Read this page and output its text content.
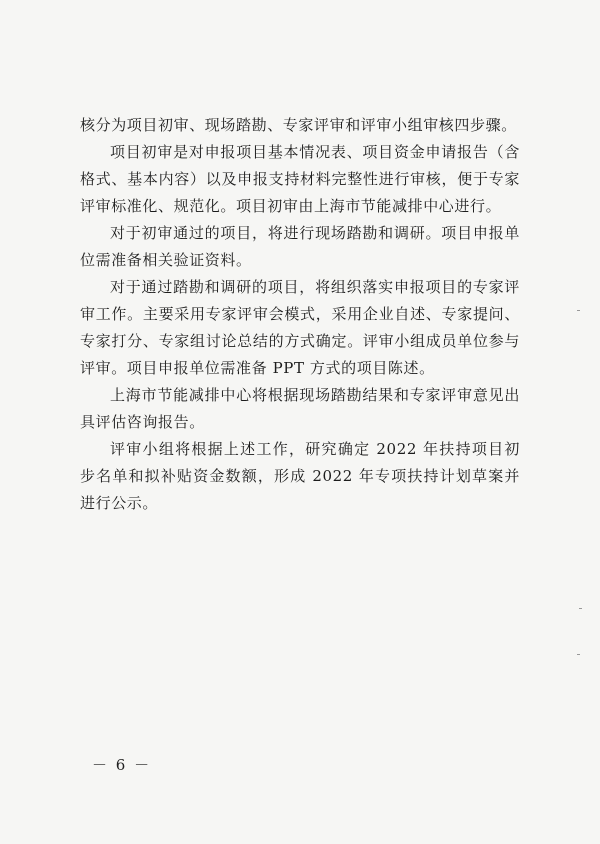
核分为项目初审、现场踏勘、专家评审和评审小组审核四步骤。

项目初审是对申报项目基本情况表、项目资金申请报告（含格式、基本内容）以及申报支持材料完整性进行审核，便于专家评审标准化、规范化。项目初审由上海市节能减排中心进行。

对于初审通过的项目，将进行现场踏勘和调研。项目申报单位需准备相关验证资料。

对于通过踏勘和调研的项目，将组织落实申报项目的专家评审工作。主要采用专家评审会模式，采用企业自述、专家提问、专家打分、专家组讨论总结的方式确定。评审小组成员单位参与评审。项目申报单位需准备 PPT 方式的项目陈述。

上海市节能减排中心将根据现场踏勘结果和专家评审意见出具评估咨询报告。

评审小组将根据上述工作，研究确定 2022 年扶持项目初步名单和拟补贴资金数额，形成 2022 年专项扶持计划草案并进行公示。

－ 6 －
